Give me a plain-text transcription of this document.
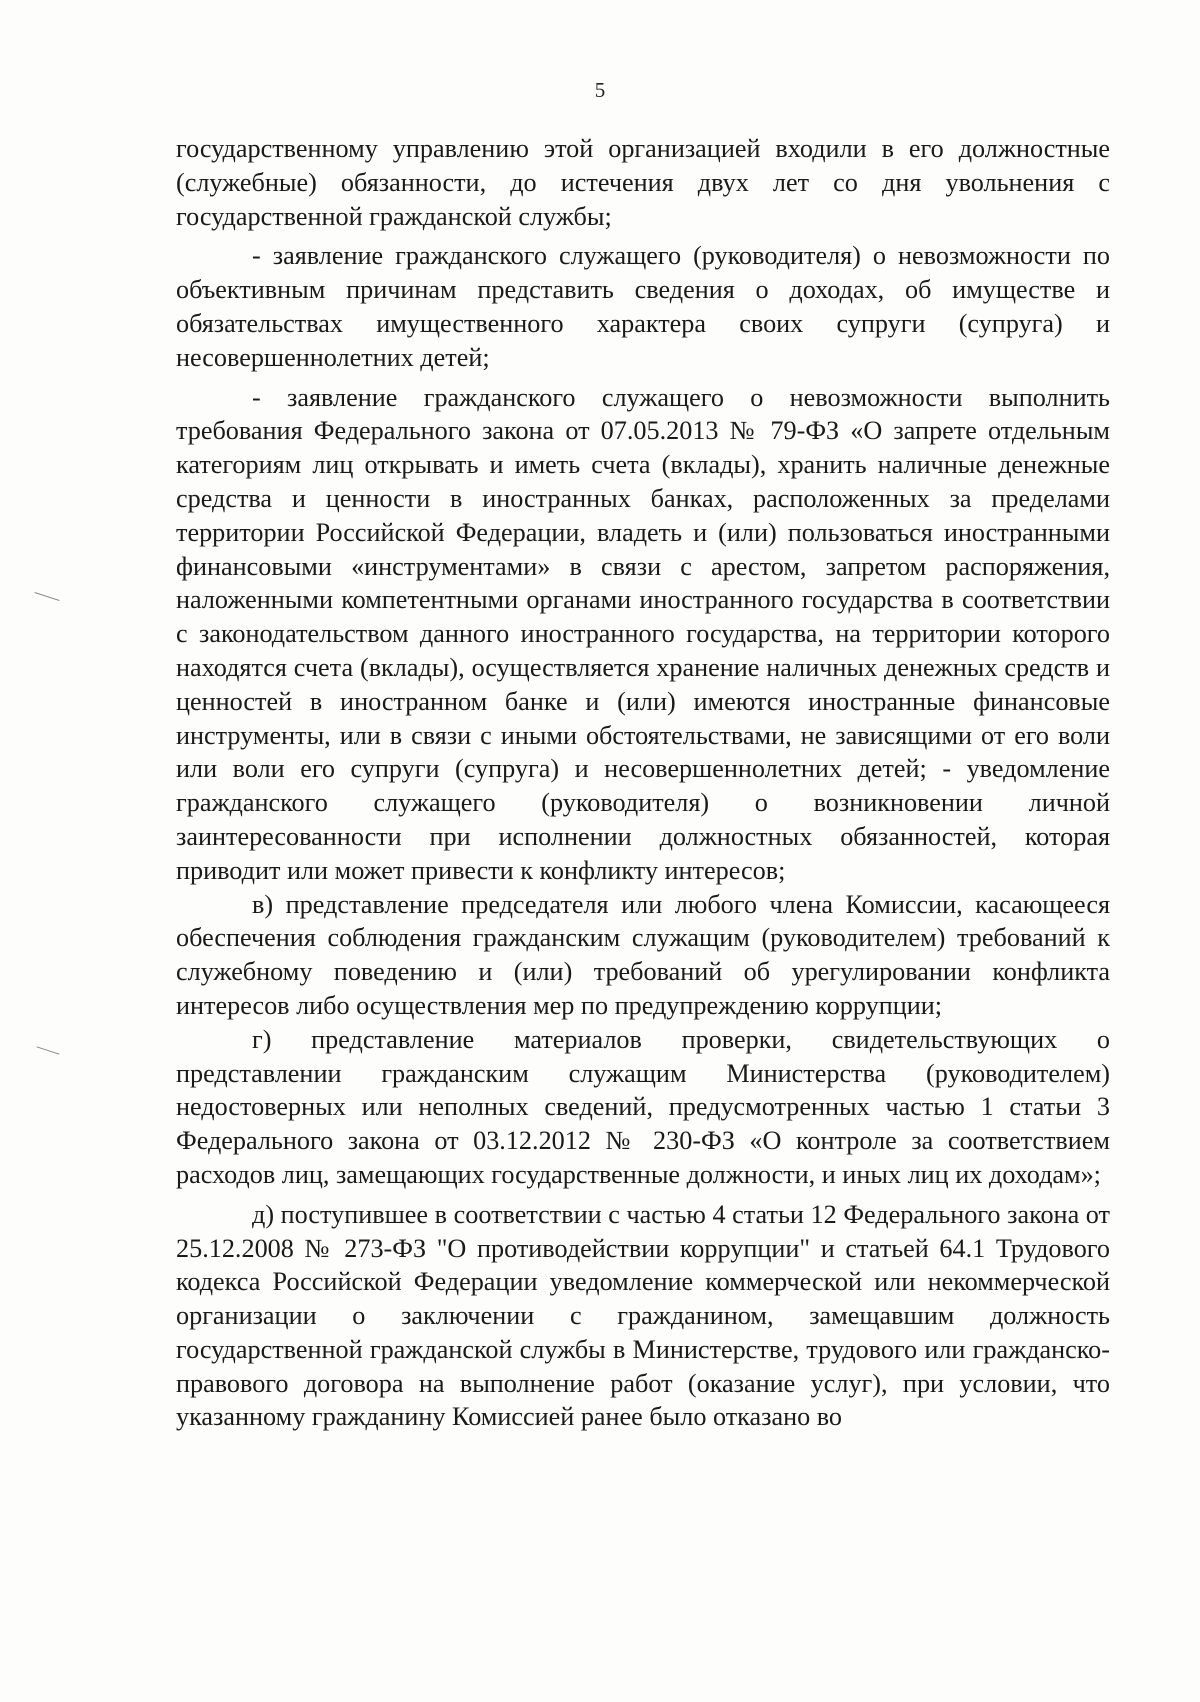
5

государственному управлению этой организацией входили в его должностные (служебные) обязанности, до истечения двух лет со дня увольнения с государственной гражданской службы;

- заявление гражданского служащего (руководителя) о невозможности по объективным причинам представить сведения о доходах, об имуществе и обязательствах имущественного характера своих супруги (супруга) и несовершеннолетних детей;

- заявление гражданского служащего о невозможности выполнить требования Федерального закона от 07.05.2013 № 79-ФЗ «О запрете отдельным категориям лиц открывать и иметь счета (вклады), хранить наличные денежные средства и ценности в иностранных банках, расположенных за пределами территории Российской Федерации, владеть и (или) пользоваться иностранными финансовыми «инструментами» в связи с арестом, запретом распоряжения, наложенными компетентными органами иностранного государства в соответствии с законодательством данного иностранного государства, на территории которого находятся счета (вклады), осуществляется хранение наличных денежных средств и ценностей в иностранном банке и (или) имеются иностранные финансовые инструменты, или в связи с иными обстоятельствами, не зависящими от его воли или воли его супруги (супруга) и несовершеннолетних детей; - уведомление гражданского служащего (руководителя) о возникновении личной заинтересованности при исполнении должностных обязанностей, которая приводит или может привести к конфликту интересов;

в) представление председателя или любого члена Комиссии, касающееся обеспечения соблюдения гражданским служащим (руководителем) требований к служебному поведению и (или) требований об урегулировании конфликта интересов либо осуществления мер по предупреждению коррупции;

г) представление материалов проверки, свидетельствующих о представлении гражданским служащим Министерства (руководителем) недостоверных или неполных сведений, предусмотренных частью 1 статьи 3 Федерального закона от 03.12.2012 № 230-ФЗ «О контроле за соответствием расходов лиц, замещающих государственные должности, и иных лиц их доходам»;

д) поступившее в соответствии с частью 4 статьи 12 Федерального закона от 25.12.2008 № 273-ФЗ "О противодействии коррупции" и статьей 64.1 Трудового кодекса Российской Федерации уведомление коммерческой или некоммерческой организации о заключении с гражданином, замещавшим должность государственной гражданской службы в Министерстве, трудового или гражданско-правового договора на выполнение работ (оказание услуг), при условии, что указанному гражданину Комиссией ранее было отказано во
